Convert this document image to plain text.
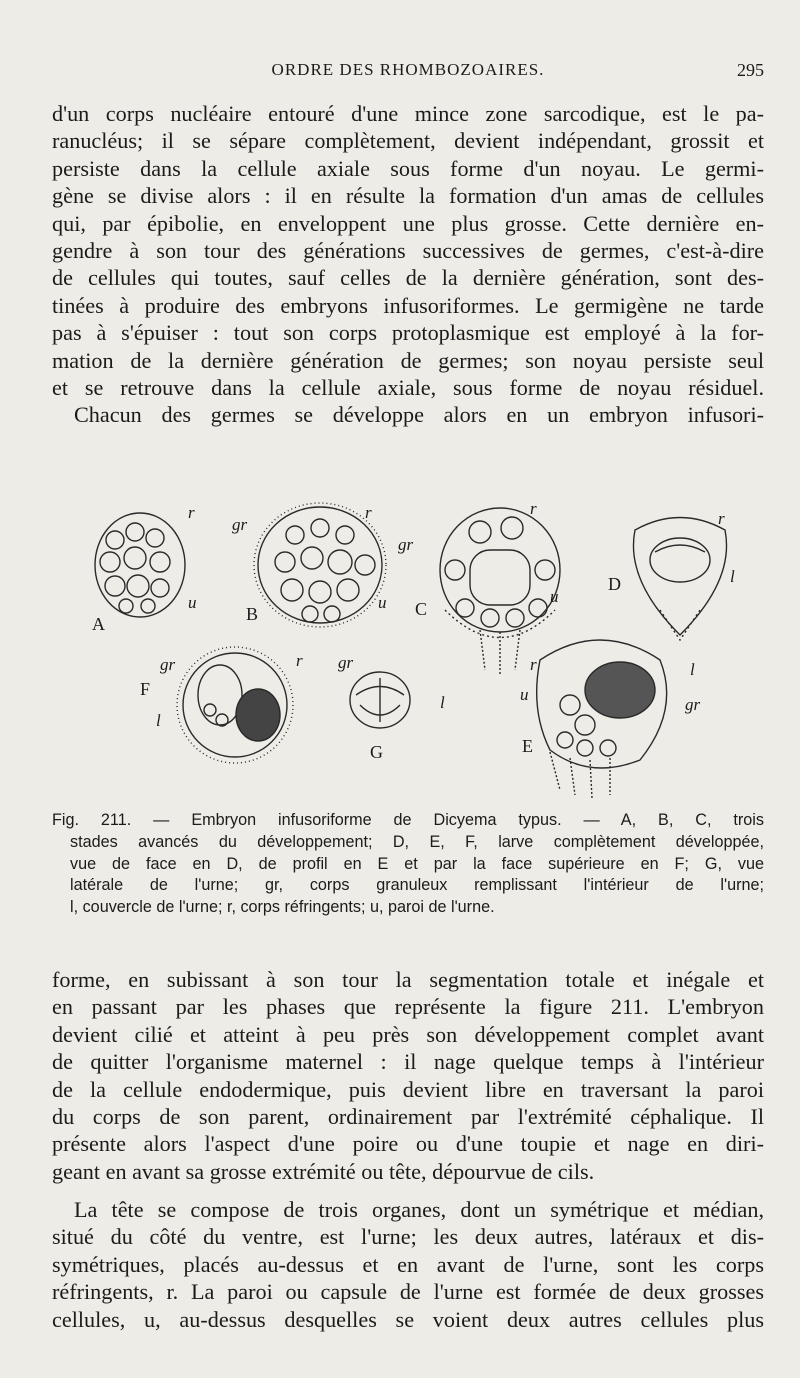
ORDRE DES RHOMBOZOAIRES.	295
d'un corps nucléaire entouré d'une mince zone sarcodique, est le pa-
ranucléus; il se sépare complètement, devient indépendant, grossit et
persiste dans la cellule axiale sous forme d'un noyau. Le germi-
gène se divise alors : il en résulte la formation d'un amas de cellules
qui, par épibolie, en enveloppent une plus grosse. Cette dernière en-
gendre à son tour des générations successives de germes, c'est-à-dire
de cellules qui toutes, sauf celles de la dernière génération, sont des-
tinées à produire des embryons infusoriformes. Le germigène ne tarde
pas à s'épuiser : tout son corps protoplasmique est employé à la for-
mation de la dernière génération de germes; son noyau persiste seul
et se retrouve dans la cellule axiale, sous forme de noyau résiduel.
Chacun des germes se développe alors en un embryon infusori-
A	B	C
D
E
F
G
r
u
gr
r
u
gr
r
u
r
l
gr	r
l
gr
l
r
u
l
gr
Fig. 211. — Embryon infusoriforme de Dicyema typus. — A, B, C, trois
stades avancés du développement; D, E, F, larve complètement développée,
vue de face en D, de profil en E et par la face supérieure en F; G, vue
latérale de l'urne; gr, corps granuleux remplissant l'intérieur de l'urne;
l, couvercle de l'urne; r, corps réfringents; u, paroi de l'urne.
forme, en subissant à son tour la segmentation totale et inégale et
en passant par les phases que représente la figure 211. L'embryon
devient cilié et atteint à peu près son développement complet avant
de quitter l'organisme maternel : il nage quelque temps à l'intérieur
de la cellule endodermique, puis devient libre en traversant la paroi
du corps de son parent, ordinairement par l'extrémité céphalique. Il
présente alors l'aspect d'une poire ou d'une toupie et nage en diri-
geant en avant sa grosse extrémité ou tête, dépourvue de cils.
La tête se compose de trois organes, dont un symétrique et médian,
situé du côté du ventre, est l'urne; les deux autres, latéraux et dis-
symétriques, placés au-dessus et en avant de l'urne, sont les corps
réfringents, r. La paroi ou capsule de l'urne est formée de deux grosses
cellules, u, au-dessus desquelles se voient deux autres cellules plus
